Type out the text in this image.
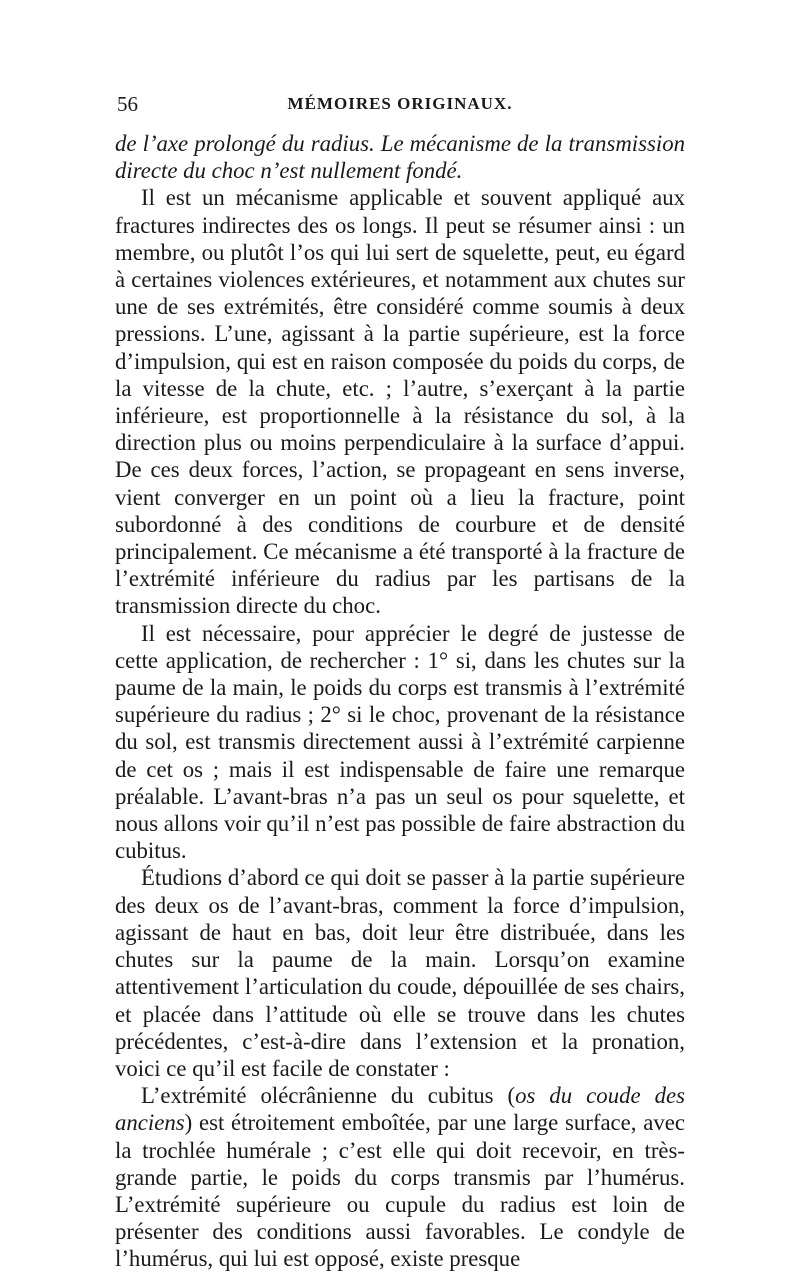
56	MÉMOIRES ORIGINAUX.

de l’axe prolongé du radius. Le mécanisme de la transmission directe du choc n’est nullement fondé.

Il est un mécanisme applicable et souvent appliqué aux fractures indirectes des os longs. Il peut se résumer ainsi : un membre, ou plutôt l’os qui lui sert de squelette, peut, eu égard à certaines violences extérieures, et notamment aux chutes sur une de ses extrémités, être considéré comme soumis à deux pressions. L’une, agissant à la partie supérieure, est la force d’impulsion, qui est en raison composée du poids du corps, de la vitesse de la chute, etc. ; l’autre, s’exerçant à la partie inférieure, est proportionnelle à la résistance du sol, à la direction plus ou moins perpendiculaire à la surface d’appui. De ces deux forces, l’action, se propageant en sens inverse, vient converger en un point où a lieu la fracture, point subordonné à des conditions de courbure et de densité principalement. Ce mécanisme a été transporté à la fracture de l’extrémité inférieure du radius par les partisans de la transmission directe du choc.

Il est nécessaire, pour apprécier le degré de justesse de cette application, de rechercher : 1° si, dans les chutes sur la paume de la main, le poids du corps est transmis à l’extrémité supérieure du radius ; 2° si le choc, provenant de la résistance du sol, est transmis directement aussi à l’extrémité carpienne de cet os ; mais il est indispensable de faire une remarque préalable. L’avant-bras n’a pas un seul os pour squelette, et nous allons voir qu’il n’est pas possible de faire abstraction du cubitus.

Étudions d’abord ce qui doit se passer à la partie supérieure des deux os de l’avant-bras, comment la force d’impulsion, agissant de haut en bas, doit leur être distribuée, dans les chutes sur la paume de la main. Lorsqu’on examine attentivement l’articulation du coude, dépouillée de ses chairs, et placée dans l’attitude où elle se trouve dans les chutes précédentes, c’est-à-dire dans l’extension et la pronation, voici ce qu’il est facile de constater :

L’extrémité olécrânienne du cubitus (os du coude des anciens) est étroitement emboîtée, par une large surface, avec la trochlée humérale ; c’est elle qui doit recevoir, en très-grande partie, le poids du corps transmis par l’humérus. L’extrémité supérieure ou cupule du radius est loin de présenter des conditions aussi favorables. Le condyle de l’humérus, qui lui est opposé, existe presque
